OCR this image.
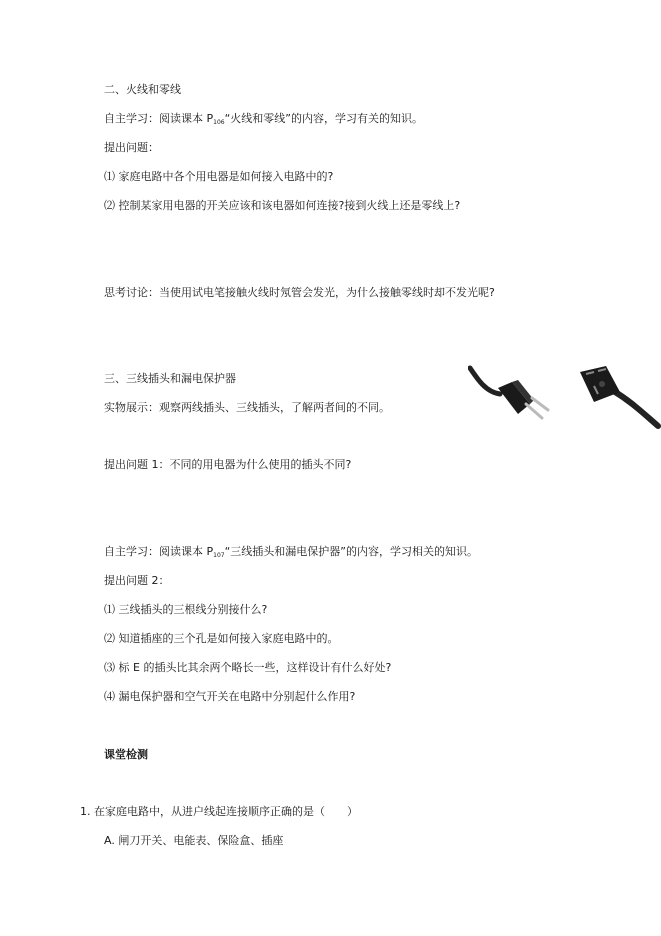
二、火线和零线
自主学习：阅读课本 $P_{106}“$火线和零线”的内容，学习有关的知识。
提出问题：
⑴ 家庭电路中各个用电器是如何接入电路中的?
⑵ 控制某家用电器的开关应该和该电器如何连接?接到火线上还是零线上?
思考讨论：当使用试电笔接触火线时氖管会发光，为什么接触零线时却不发光呢?
三、三线插头和漏电保护器
实物展示：观察两线插头、三线插头，了解两者间的不同。
提出问题 1：不同的用电器为什么使用的插头不同?
自主学习：阅读课本 $P_{107}“$三线插头和漏电保护器”的内容，学习相关的知识。
提出问题 2：
⑴ 三线插头的三根线分别接什么?
⑵ 知道插座的三个孔是如何接入家庭电路中的。
⑶ 标 E 的插头比其余两个略长一些，这样设计有什么好处?
⑷ 漏电保护器和空气开关在电路中分别起什么作用?
课堂检测
1. 在家庭电路中，从进户线起连接顺序正确的是（　　）
A. 闸刀开关、电能表、保险盒、插座
